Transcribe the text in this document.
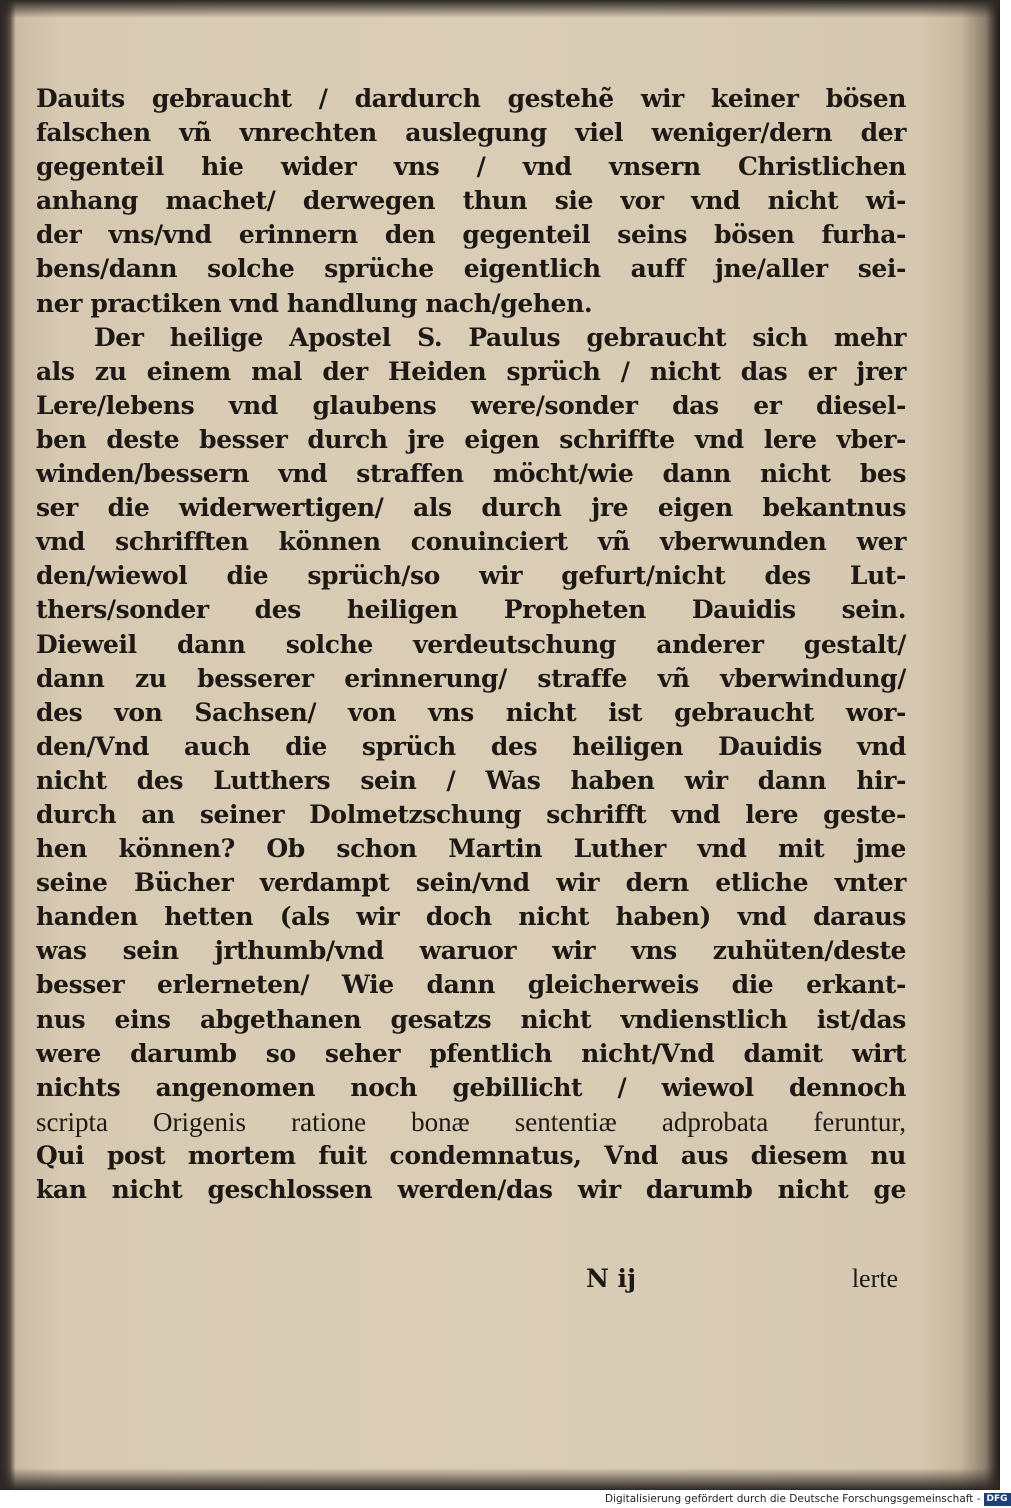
Dauits gebraucht / dardurch gestehẽ wir keiner bösen
falschen vñ vnrechten auslegung viel weniger/dern der
gegenteil hie wider vns / vnd vnsern Christlichen
anhang machet/ derwegen thun sie vor vnd nicht wi-
der vns/vnd erinnern den gegenteil seins bösen furha-
bens/dann solche sprüche eigentlich auff jne/aller sei-
ner practiken vnd handlung nach/gehen.
Der heilige Apostel S. Paulus gebraucht sich mehr
als zu einem mal der Heiden sprüch / nicht das er jrer
Lere/lebens vnd glaubens were/sonder das er diesel-
ben deste besser durch jre eigen schriffte vnd lere vber-
winden/bessern vnd straffen möcht/wie dann nicht bes
ser die widerwertigen/ als durch jre eigen bekantnus
vnd schrifften können conuinciert vñ vberwunden wer
den/wiewol die sprüch/so wir gefurt/nicht des Lut-
thers/sonder des heiligen Propheten Dauidis sein.
Dieweil dann solche verdeutschung anderer gestalt/
dann zu besserer erinnerung/ straffe vñ vberwindung/
des von Sachsen/ von vns nicht ist gebraucht wor-
den/Vnd auch die sprüch des heiligen Dauidis vnd
nicht des Lutthers sein / Was haben wir dann hir-
durch an seiner Dolmetzschung schrifft vnd lere geste-
hen können? Ob schon Martin Luther vnd mit jme
seine Bücher verdampt sein/vnd wir dern etliche vnter
handen hetten (als wir doch nicht haben) vnd daraus
was sein jrthumb/vnd waruor wir vns zuhüten/deste
besser erlerneten/ Wie dann gleicherweis die erkant-
nus eins abgethanen gesatzs nicht vndienstlich ist/das
were darumb so seher pfentlich nicht/Vnd damit wirt
nichts angenomen noch gebillicht / wiewol dennoch
scripta Origenis ratione bonæ sententiæ adprobata feruntur,
Qui post mortem fuit condemnatus, Vnd aus diesem nu
kan nicht geschlossen werden/das wir darumb nicht ge
N ij	lerte
Digitalisierung gefördert durch die Deutsche Forschungsgemeinschaft - DFG
